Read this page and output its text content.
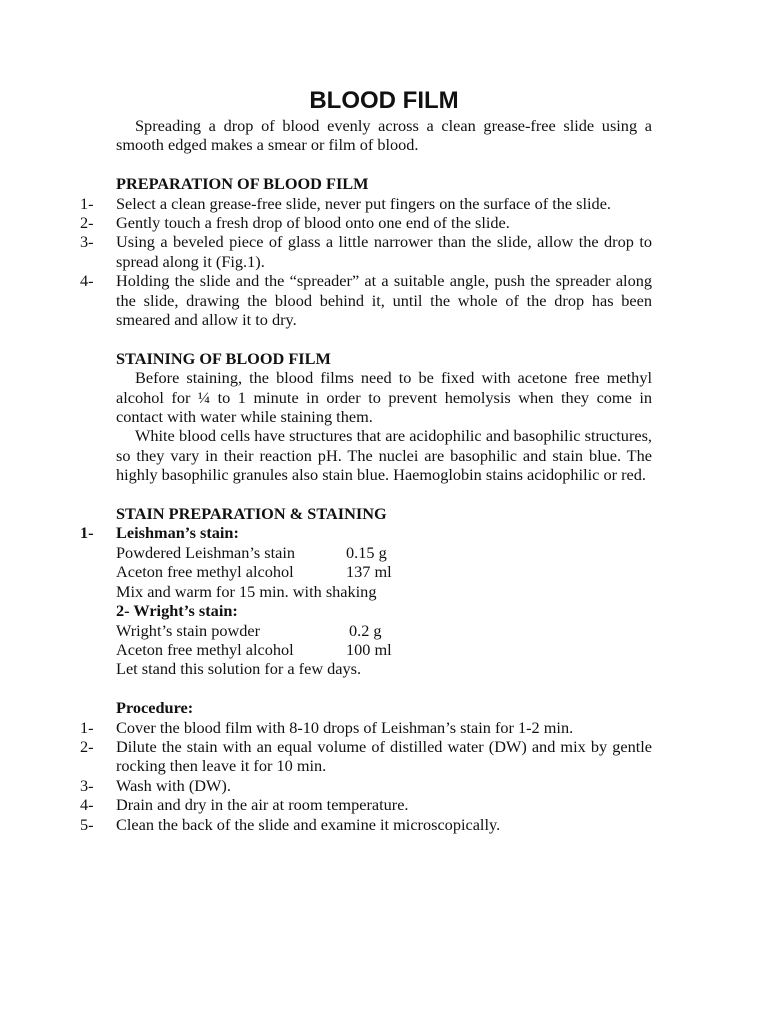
BLOOD FILM

Spreading a drop of blood evenly across a clean grease-free slide using a smooth edged makes a smear or film of blood.

PREPARATION OF BLOOD FILM
1- Select a clean grease-free slide, never put fingers on the surface of the slide.
2- Gently touch a fresh drop of blood onto one end of the slide.
3- Using a beveled piece of glass a little narrower than the slide, allow the drop to spread along it (Fig.1).
4- Holding the slide and the “spreader” at a suitable angle, push the spreader along the slide, drawing the blood behind it, until the whole of the drop has been smeared and allow it to dry.
STAINING OF BLOOD FILM

Before staining, the blood films need to be fixed with acetone free methyl alcohol for ¼ to 1 minute in order to prevent hemolysis when they come in contact with water while staining them.

White blood cells have structures that are acidophilic and basophilic structures, so they vary in their reaction pH. The nuclei are basophilic and stain blue. The highly basophilic granules also stain blue. Haemoglobin stains acidophilic or red.

STAIN PREPARATION & STAINING
1- Leishman’s stain:
Powdered Leishman’s stain	0.15 g
Aceton free methyl alcohol	137 ml
Mix and warm for 15 min. with shaking
2- Wright’s stain:
Wright’s stain powder	0.2 g
Aceton free methyl alcohol	100 ml
Let stand this solution for a few days.
Procedure:
1- Cover the blood film with 8-10 drops of Leishman’s stain for 1-2 min.
2- Dilute the stain with an equal volume of distilled water (DW) and mix by gentle rocking then leave it for 10 min.
3- Wash with (DW).
4- Drain and dry in the air at room temperature.
5- Clean the back of the slide and examine it microscopically.
